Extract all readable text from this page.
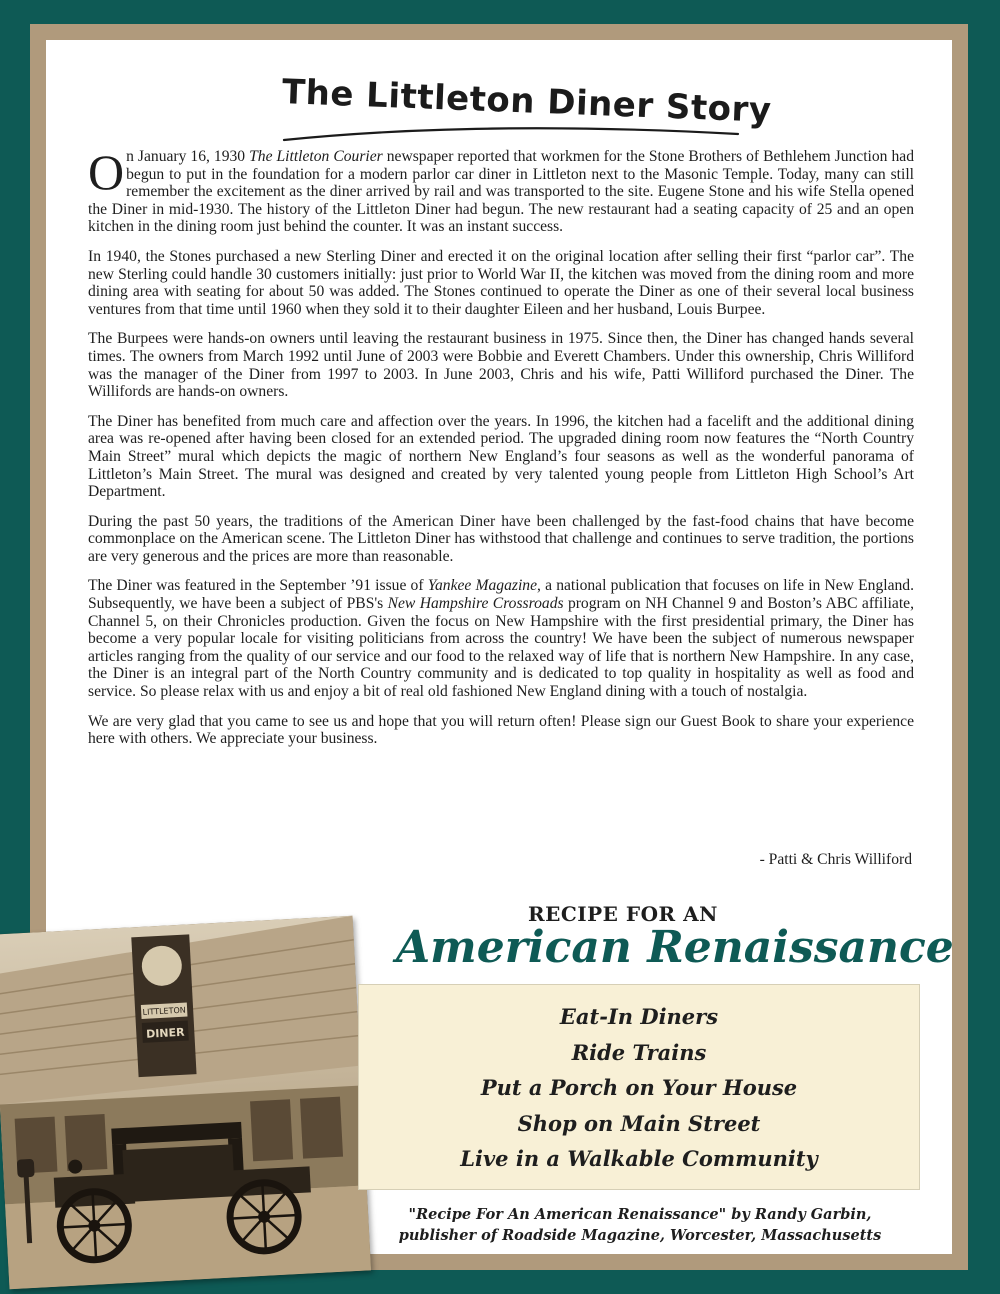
The Littleton Diner Story

On January 16, 1930 The Littleton Courier newspaper reported that workmen for the Stone Brothers of Bethlehem Junction had begun to put in the foundation for a modern parlor car diner in Littleton next to the Masonic Temple. Today, many can still remember the excitement as the diner arrived by rail and was transported to the site. Eugene Stone and his wife Stella opened the Diner in mid-1930. The history of the Littleton Diner had begun. The new restaurant had a seating capacity of 25 and an open kitchen in the dining room just behind the counter. It was an instant success.

In 1940, the Stones purchased a new Sterling Diner and erected it on the original location after selling their first “parlor car”. The new Sterling could handle 30 customers initially: just prior to World War II, the kitchen was moved from the dining room and more dining area with seating for about 50 was added. The Stones continued to operate the Diner as one of their several local business ventures from that time until 1960 when they sold it to their daughter Eileen and her husband, Louis Burpee.

The Burpees were hands-on owners until leaving the restaurant business in 1975. Since then, the Diner has changed hands several times. The owners from March 1992 until June of 2003 were Bobbie and Everett Chambers. Under this ownership, Chris Williford was the manager of the Diner from 1997 to 2003. In June 2003, Chris and his wife, Patti Williford purchased the Diner. The Willifords are hands-on owners.

The Diner has benefited from much care and affection over the years. In 1996, the kitchen had a facelift and the additional dining area was re-opened after having been closed for an extended period. The upgraded dining room now features the “North Country Main Street” mural which depicts the magic of northern New England’s four seasons as well as the wonderful panorama of Littleton’s Main Street. The mural was designed and created by very talented young people from Littleton High School’s Art Department.

During the past 50 years, the traditions of the American Diner have been challenged by the fast-food chains that have become commonplace on the American scene. The Littleton Diner has withstood that challenge and continues to serve tradition, the portions are very generous and the prices are more than reasonable.

The Diner was featured in the September ’91 issue of Yankee Magazine, a national publication that focuses on life in New England. Subsequently, we have been a subject of PBS's New Hampshire Crossroads program on NH Channel 9 and Boston’s ABC affiliate, Channel 5, on their Chronicles production. Given the focus on New Hampshire with the first presidential primary, the Diner has become a very popular locale for visiting politicians from across the country! We have been the subject of numerous newspaper articles ranging from the quality of our service and our food to the relaxed way of life that is northern New Hampshire. In any case, the Diner is an integral part of the North Country community and is dedicated to top quality in hospitality as well as food and service. So please relax with us and enjoy a bit of real old fashioned New England dining with a touch of nostalgia.

We are very glad that you came to see us and hope that you will return often! Please sign our Guest Book to share your experience here with others. We appreciate your business.

- Patti & Chris Williford
LITTLETON
DINER
RECIPE FOR AN
American Renaissance
Eat-In Diners
Ride Trains
Put a Porch on Your House
Shop on Main Street
Live in a Walkable Community
"Recipe For An American Renaissance" by Randy Garbin,
publisher of Roadside Magazine, Worcester, Massachusetts
